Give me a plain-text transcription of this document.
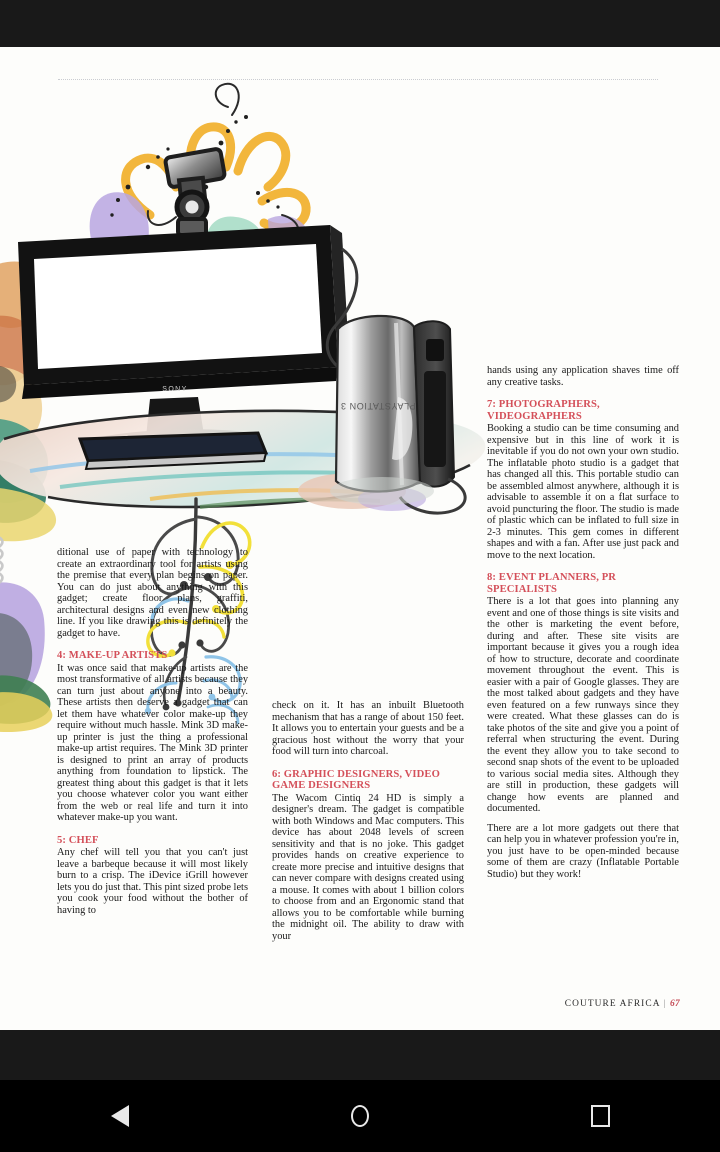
SONY
PLAYSTATION 3

ditional use of paper with technology to create an extraordinary tool for artists using the premise that every plan begins on paper. You can do just about anything with this gadget; create floor plans, graffiti, architectural designs and even new clothing line. If you like drawing this is definitely the gadget to have.

4: MAKE-UP ARTISTS

It was once said that make-up artists are the most transformative of all artists because they can turn just about anyone into a beauty. These artists then deserve a gadget that can let them have whatever color make-up they require without much hassle. Mink 3D make-up printer is just the thing a professional make-up artist requires. The Mink 3D printer is designed to print an array of products anything from foundation to lipstick. The greatest thing about this gadget is that it lets you choose whatever color you want either from the web or real life and turn it into whatever make-up you want.

5: CHEF

Any chef will tell you that you can't just leave a barbeque because it will most likely burn to a crisp. The iDevice iGrill however lets you do just that. This pint sized probe lets you cook your food without the bother of having to

check on it. It has an inbuilt Bluetooth mechanism that has a range of about 150 feet. It allows you to entertain your guests and be a gracious host without the worry that your food will turn into charcoal.

6: GRAPHIC DESIGNERS, VIDEO GAME DESIGNERS

The Wacom Cintiq 24 HD is simply a designer's dream. The gadget is compatible with both Windows and Mac computers. This device has about 2048 levels of screen sensitivity and that is no joke. This gadget provides hands on creative experience to create more precise and intuitive designs that can never compare with designs created using a mouse. It comes with about 1 billion colors to choose from and an Ergonomic stand that allows you to be comfortable while burning the midnight oil. The ability to draw with your

hands using any application shaves time off any creative tasks.

7: PHOTOGRAPHERS, VIDEOGRAPHERS

Booking a studio can be time consuming and expensive but in this line of work it is inevitable if you do not own your own studio. The inflatable photo studio is a gadget that has changed all this. This portable studio can be assembled almost anywhere, although it is advisable to assemble it on a flat surface to avoid puncturing the floor. The studio is made of plastic which can be inflated to full size in 2-3 minutes. This gem comes in different shapes and with a fan. After use just pack and move to the next location.

8: EVENT PLANNERS, PR SPECIALISTS

There is a lot that goes into planning any event and one of those things is site visits and the other is marketing the event before, during and after. These site visits are important because it gives you a rough idea of how to structure, decorate and coordinate movement throughout the event. This is easier with a pair of Google glasses. They are the most talked about gadgets and they have even featured on a few runways since they were created. What these glasses can do is take photos of the site and give you a point of referral when structuring the event. During the event they allow you to take second to second snap shots of the event to be uploaded to various social media sites. Although they are still in production, these gadgets will change how events are planned and documented.

There are a lot more gadgets out there that can help you in whatever profession you're in, you just have to be open-minded because some of them are crazy (Inflatable Portable Studio) but they work!

COUTURE AFRICA | 67
